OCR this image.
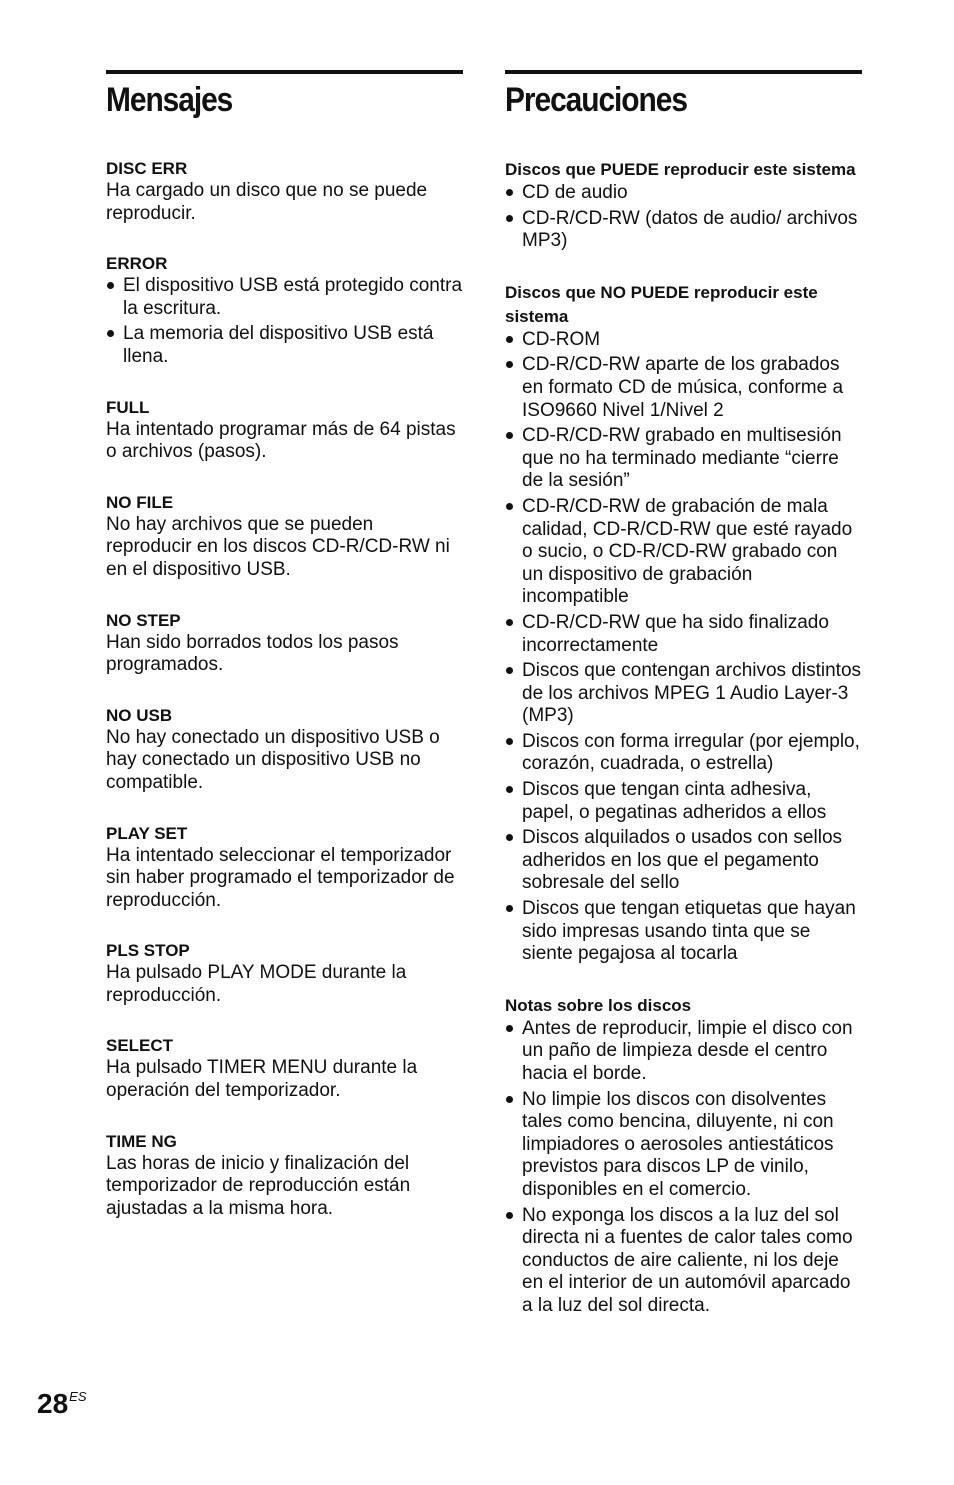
Mensajes
DISC ERR
Ha cargado un disco que no se puede reproducir.
ERROR
El dispositivo USB está protegido contra la escritura.
La memoria del dispositivo USB está llena.
FULL
Ha intentado programar más de 64 pistas o archivos (pasos).
NO FILE
No hay archivos que se pueden reproducir en los discos CD-R/CD-RW ni en el dispositivo USB.
NO STEP
Han sido borrados todos los pasos programados.
NO USB
No hay conectado un dispositivo USB o hay conectado un dispositivo USB no compatible.
PLAY SET
Ha intentado seleccionar el temporizador sin haber programado el temporizador de reproducción.
PLS STOP
Ha pulsado PLAY MODE durante la reproducción.
SELECT
Ha pulsado TIMER MENU durante la operación del temporizador.
TIME NG
Las horas de inicio y finalización del temporizador de reproducción están ajustadas a la misma hora.
Precauciones
Discos que PUEDE reproducir este sistema
CD de audio
CD-R/CD-RW (datos de audio/ archivos MP3)
Discos que NO PUEDE reproducir este sistema
CD-ROM
CD-R/CD-RW aparte de los grabados en formato CD de música, conforme a ISO9660 Nivel 1/Nivel 2
CD-R/CD-RW grabado en multisesión que no ha terminado mediante “cierre de la sesión”
CD-R/CD-RW de grabación de mala calidad, CD-R/CD-RW que esté rayado o sucio, o CD-R/CD-RW grabado con un dispositivo de grabación incompatible
CD-R/CD-RW que ha sido finalizado incorrectamente
Discos que contengan archivos distintos de los archivos MPEG 1 Audio Layer-3 (MP3)
Discos con forma irregular (por ejemplo, corazón, cuadrada, o estrella)
Discos que tengan cinta adhesiva, papel, o pegatinas adheridos a ellos
Discos alquilados o usados con sellos adheridos en los que el pegamento sobresale del sello
Discos que tengan etiquetas que hayan sido impresas usando tinta que se siente pegajosa al tocarla
Notas sobre los discos
Antes de reproducir, limpie el disco con un paño de limpieza desde el centro hacia el borde.
No limpie los discos con disolventes tales como bencina, diluyente, ni con limpiadores o aerosoles antiestáticos previstos para discos LP de vinilo, disponibles en el comercio.
No exponga los discos a la luz del sol directa ni a fuentes de calor tales como conductos de aire caliente, ni los deje en el interior de un automóvil aparcado a la luz del sol directa.
$28^{ES}$
